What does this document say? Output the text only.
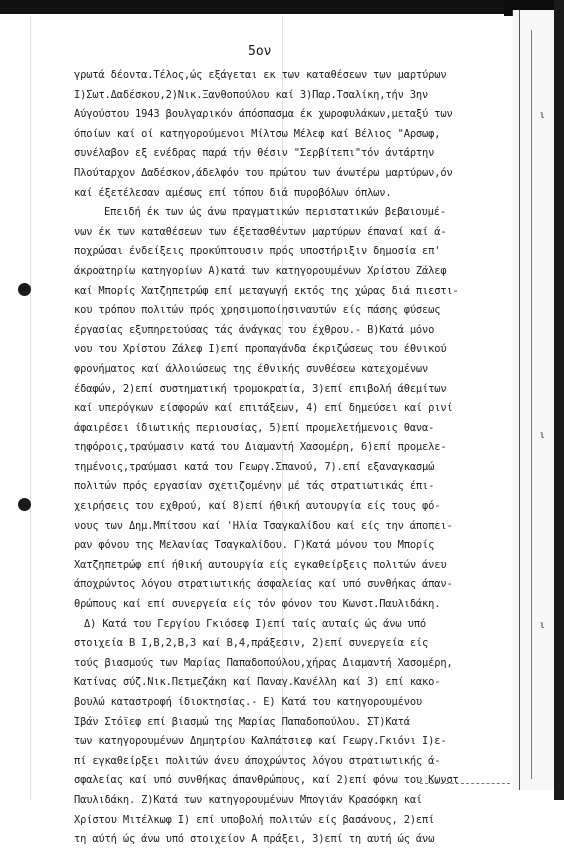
ι
ι
ι
5ον
γρωτά δέοντα.Τέλος,ώς εξάγεται εκ των καταθέσεων των μαρτύρων
Ι)Σωτ.Δαδέσκου,2)Νικ.Ξανθοπούλου καί 3)Παρ.Τσαλίκη,τήν 3ην
Αύγούστου 1943 βουλγαρικόν άπόσπασμα έκ χωροφυλάκων,μεταξύ των
όποίων καί οί κατηγορούμενοι Μίλτσω Μέλεφ καί Βέλιος "Αρσωφ,
συνέλαβον εξ ενέδρας παρά τήν θέσιν "Σερβίτεπι"τόν άντάρτην
Πλούταρχον Δαδέσκον,άδελφόν του πρώτου των άνωτέρω μαρτύρων,όν
καί έξετέλεσαν αμέσως επί τόπου διά πυροβόλων όπλων.
Επειδή έκ των ώς άνω πραγματικών περιστατικών βεβαιουμέ-
νων έκ των καταθέσεων των έξετασθέντων μαρτύρων έπαναί καί ά-
ποχρώσαι ένδείξεις προκύπτουσιν πρός υποστήριξιν δημοσία επ'
άκροατηρίω κατηγορίων Α)κατά των κατηγορουμένων Χρίστου Ζάλεφ
καί Μπορίς Χατζηπετρώφ επί μεταγωγή εκτός της χώρας διά πιεστι-
κου τρόπου πολιτών πρός χρησιμοποίησιναυτών είς πάσης φύσεως
έργασίας εξυπηρετούσας τάς άνάγκας του έχθρου.- Β)Κατά μόνο
νου του Χρίστου Ζάλεφ Ι)επί προπαγάνδα έκριζώσεως του έθνικού
φρονήματος καί άλλοιώσεως της έθνικής συνθέσεω κατεχομένων
έδαφών, 2)επί συστηματική τρομοκρατία, 3)επί επιβολή άθεμίτων
καί υπερόγκων είσφορών καί επιτάξεων, 4) επί δημεύσει καί ρινί
άφαιρέσει ίδιωτικής περιουσίας, 5)επί προμελετήμενοις θανα-
τηφόροις,τραύμασιν κατά του Διαμαντή Χασομέρη, 6)επί προμελε-
τημένοις,τραύμασι κατά του Γεωργ.Σπανού, 7).επί εξαναγκασμώ
πολιτών πρός εργασίαν σχετιζομένην μέ τάς στρατιωτικάς έπι-
χειρήσεις του εχθρού, καί 8)επί ήθική αυτουργία είς τους φό-
νους των Δημ.Μπίτσου καί 'Ηλία Τσαγκαλίδου καί είς την άποπει-
ραν φόνου της Μελανίας Τσαγκαλίδου. Γ)Κατά μόνου του Μπορίς
Χατζηπετρώφ επί ήθική αυτουργία είς εγκαθείρξεις πολιτών άνευ
άποχρώντος λόγου στρατιωτικής άσφαλείας καί υπό συνθήκας άπαν-
θρώπους καί επί συνεργεία είς τόν φόνον του Κωνστ.Παυλιδάκη.
Δ) Κατά του Γεργίου Γκιόσεφ Ι)επί ταίς αυταίς ώς άνω υπό
στοιχεία Β Ι,Β,2,Β,3 καί Β,4,πράξεσιν, 2)επί συνεργεία είς
τούς βιασμούς των Μαρίας Παπαδοπούλου,χήρας Διαμαντή Χασομέρη,
Κατίνας σύζ.Νικ.Πετμεζάκη καί Παναγ.Κανέλλη καί 3) επί κακο-
βουλώ καταστροφή ίδιοκτησίας.- Ε) Κατά του κατηγορουμένου
Ίβάν Στόϊεφ επί βιασμώ της Μαρίας Παπαδοπούλου. ΣΤ)Κατά
των κατηγορουμένων Δημητρίου Καλπάτσιεφ καί Γεωργ.Γκιόνι Ι)ε-
πί εγκαθείρξει πολιτών άνευ άποχρώντος λόγου στρατιωτικής ά-
σφαλείας καί υπό συνθήκας άπανθρώπους, καί 2)επί φόνω του Κωνστ
Παυλιδάκη. Ζ)Κατά των κατηγορουμένων Μπογιάν Κρασόφκη καί
Χρίστου Μιτέλκωφ Ι) επί υποβολή πολιτών είς βασάνους, 2)επί
τη αύτή ώς άνω υπό στοιχείον Α πράξει, 3)επί τη αυτή ώς άνω
